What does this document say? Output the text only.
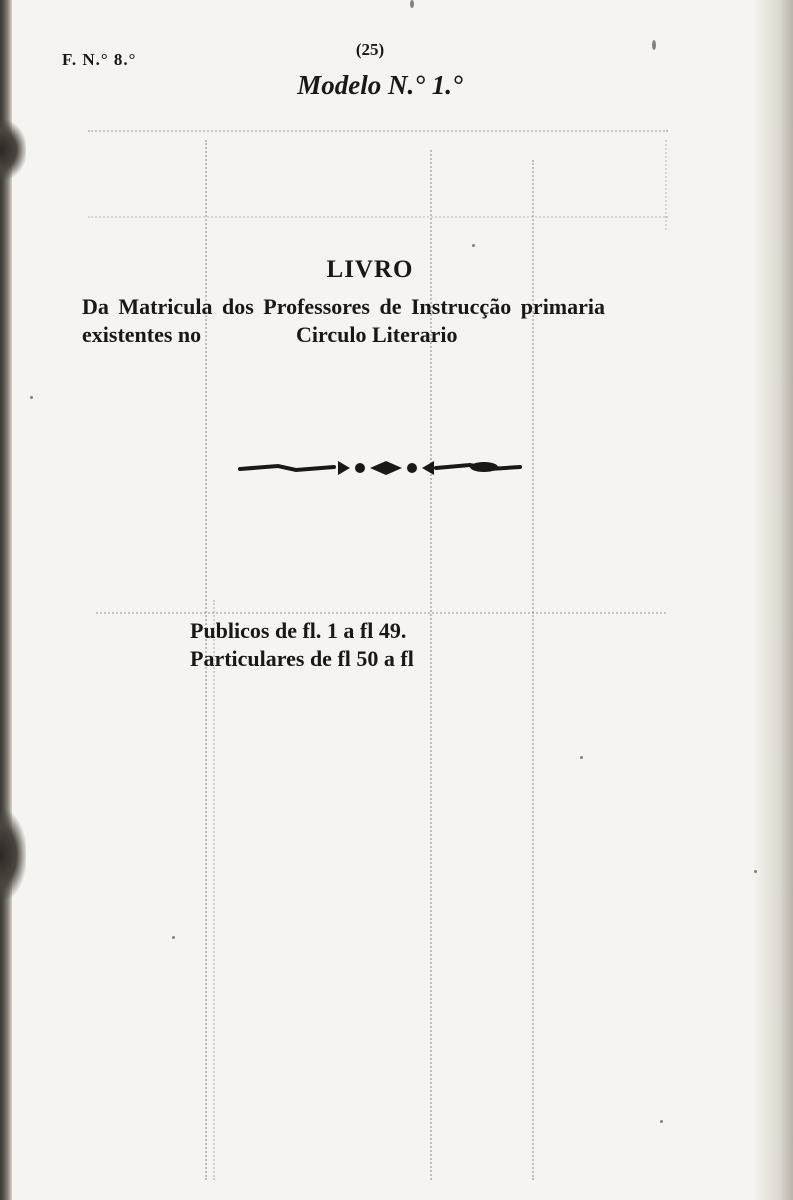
F. N.° 8.°
(25)
Modelo N.° 1.°
LIVRO
Da Matricula dos Professores de Instrucção primaria
existentes no	Circulo Literario
Publicos de fl. 1 a fl 49.
Particulares de fl 50 a fl
